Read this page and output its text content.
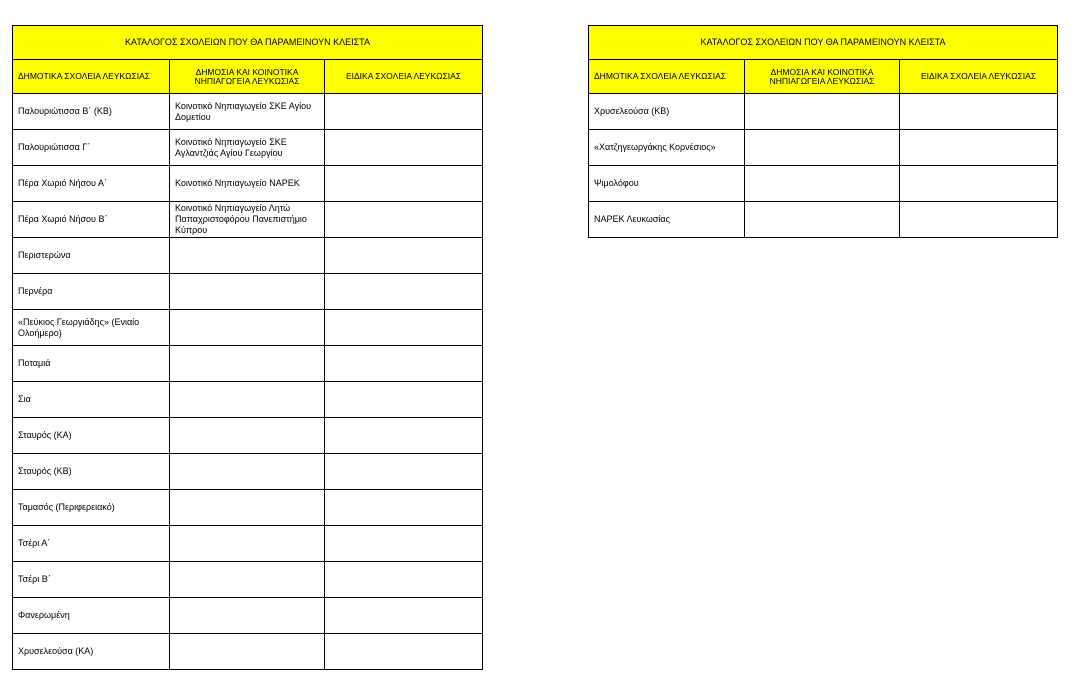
ΚΑΤΑΛΟΓΟΣ ΣΧΟΛΕΙΩΝ ΠΟΥ ΘΑ ΠΑΡΑΜΕΙΝΟΥΝ ΚΛΕΙΣΤΑ		
ΔΗΜΟΤΙΚΑ ΣΧΟΛΕΙΑ ΛΕΥΚΩΣΙΑΣ	ΔΗΜΟΣΙΑ ΚΑΙ ΚΟΙΝΟΤΙΚΑ ΝΗΠΙΑΓΩΓΕΙΑ ΛΕΥΚΩΣΙΑΣ	ΕΙΔΙΚΑ ΣΧΟΛΕΙΑ ΛΕΥΚΩΣΙΑΣ
Παλουριώτισσα Β΄ (ΚΒ)	Κοινοτικό Νηπιαγωγείο ΣΚΕ Αγίου Δομετίου	
Παλουριώτισσα Γ΄	Κοινοτικό Νηπιαγωγείο ΣΚΕ Αγλαντζιάς Αγίου Γεωργίου	
Πέρα Χωριό Νήσου Α΄	Κοινοτικό Νηπιαγωγείο ΝΑΡΕΚ	
Πέρα Χωριό Νήσου Β΄	Κοινοτικό Νηπιαγωγείο Λητώ Παπαχριστοφόρου Πανεπιστήμιο Κύπρου	
Περιστερώνα		
Περνέρα		
«Πεύκιος Γεωργιάδης» (Ενιαίο Ολοήμερο)		
Ποταμιά		
Σια		
Σταυρός (ΚΑ)		
Σταυρός (ΚΒ)		
Ταμασός (Περιφερειακό)		
Τσέρι Α΄		
Τσέρι Β΄		
Φανερωμένη		
Χρυσελεούσα (ΚΑ)		
ΚΑΤΑΛΟΓΟΣ ΣΧΟΛΕΙΩΝ ΠΟΥ ΘΑ ΠΑΡΑΜΕΙΝΟΥΝ ΚΛΕΙΣΤΑ		
ΔΗΜΟΤΙΚΑ ΣΧΟΛΕΙΑ ΛΕΥΚΩΣΙΑΣ	ΔΗΜΟΣΙΑ ΚΑΙ ΚΟΙΝΟΤΙΚΑ ΝΗΠΙΑΓΩΓΕΙΑ ΛΕΥΚΩΣΙΑΣ	ΕΙΔΙΚΑ ΣΧΟΛΕΙΑ ΛΕΥΚΩΣΙΑΣ
Χρυσελεούσα (ΚΒ)		
«Χατζηγεωργάκης Κορνέσιος»		
Ψιμολόφου		
ΝΑΡΕΚ Λευκωσίας		
